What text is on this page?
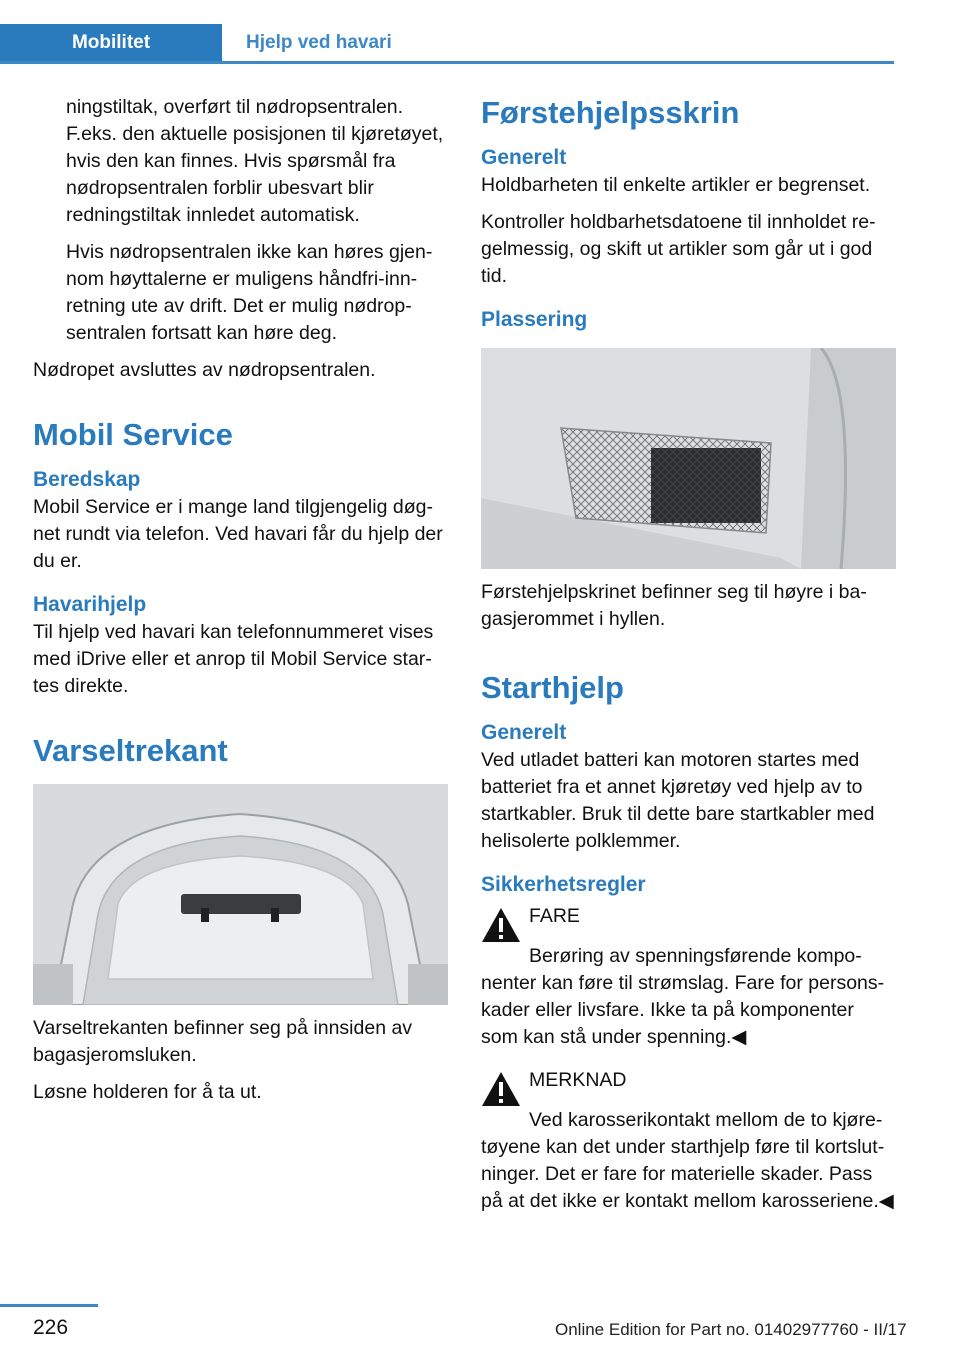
Mobilitet	Hjelp ved havari

ningstiltak, overført til nødropsentralen. F.eks. den aktuelle posisjonen til kjøretøyet, hvis den kan finnes. Hvis spørsmål fra nødropsentralen forblir ubesvart blir redningstiltak innledet automatisk.

Hvis nødropsentralen ikke kan høres gjennom høyttalerne er muligens håndfri-innretning ute av drift. Det er mulig nødropsentralen fortsatt kan høre deg.

Nødropet avsluttes av nødropsentralen.

Mobil Service
Beredskap

Mobil Service er i mange land tilgjengelig døgnet rundt via telefon. Ved havari får du hjelp der du er.

Havarihjelp

Til hjelp ved havari kan telefonnummeret vises med iDrive eller et anrop til Mobil Service startes direkte.

Varseltrekant

Varseltrekanten befinner seg på innsiden av bagasjeromsluken.

Løsne holderen for å ta ut.

Førstehjelpsskrin
Generelt

Holdbarheten til enkelte artikler er begrenset.

Kontroller holdbarhetsdatoene til innholdet regelmessig, og skift ut artikler som går ut i god tid.

Plassering

Førstehjelpskrinet befinner seg til høyre i bagasjerommet i hyllen.

Starthjelp
Generelt

Ved utladet batteri kan motoren startes med batteriet fra et annet kjøretøy ved hjelp av to startkabler. Bruk til dette bare startkabler med helisolerte polklemmer.

Sikkerhetsregler
FARE

Berøring av spenningsførende komponenter kan føre til strømslag. Fare for personskader eller livsfare. Ikke ta på komponenter som kan stå under spenning.◀

MERKNAD

Ved karosserikontakt mellom de to kjøretøyene kan det under starthjelp føre til kortslutninger. Det er fare for materielle skader. Pass på at det ikke er kontakt mellom karosseriene.◀

226	Online Edition for Part no. 01402977760 - II/17
